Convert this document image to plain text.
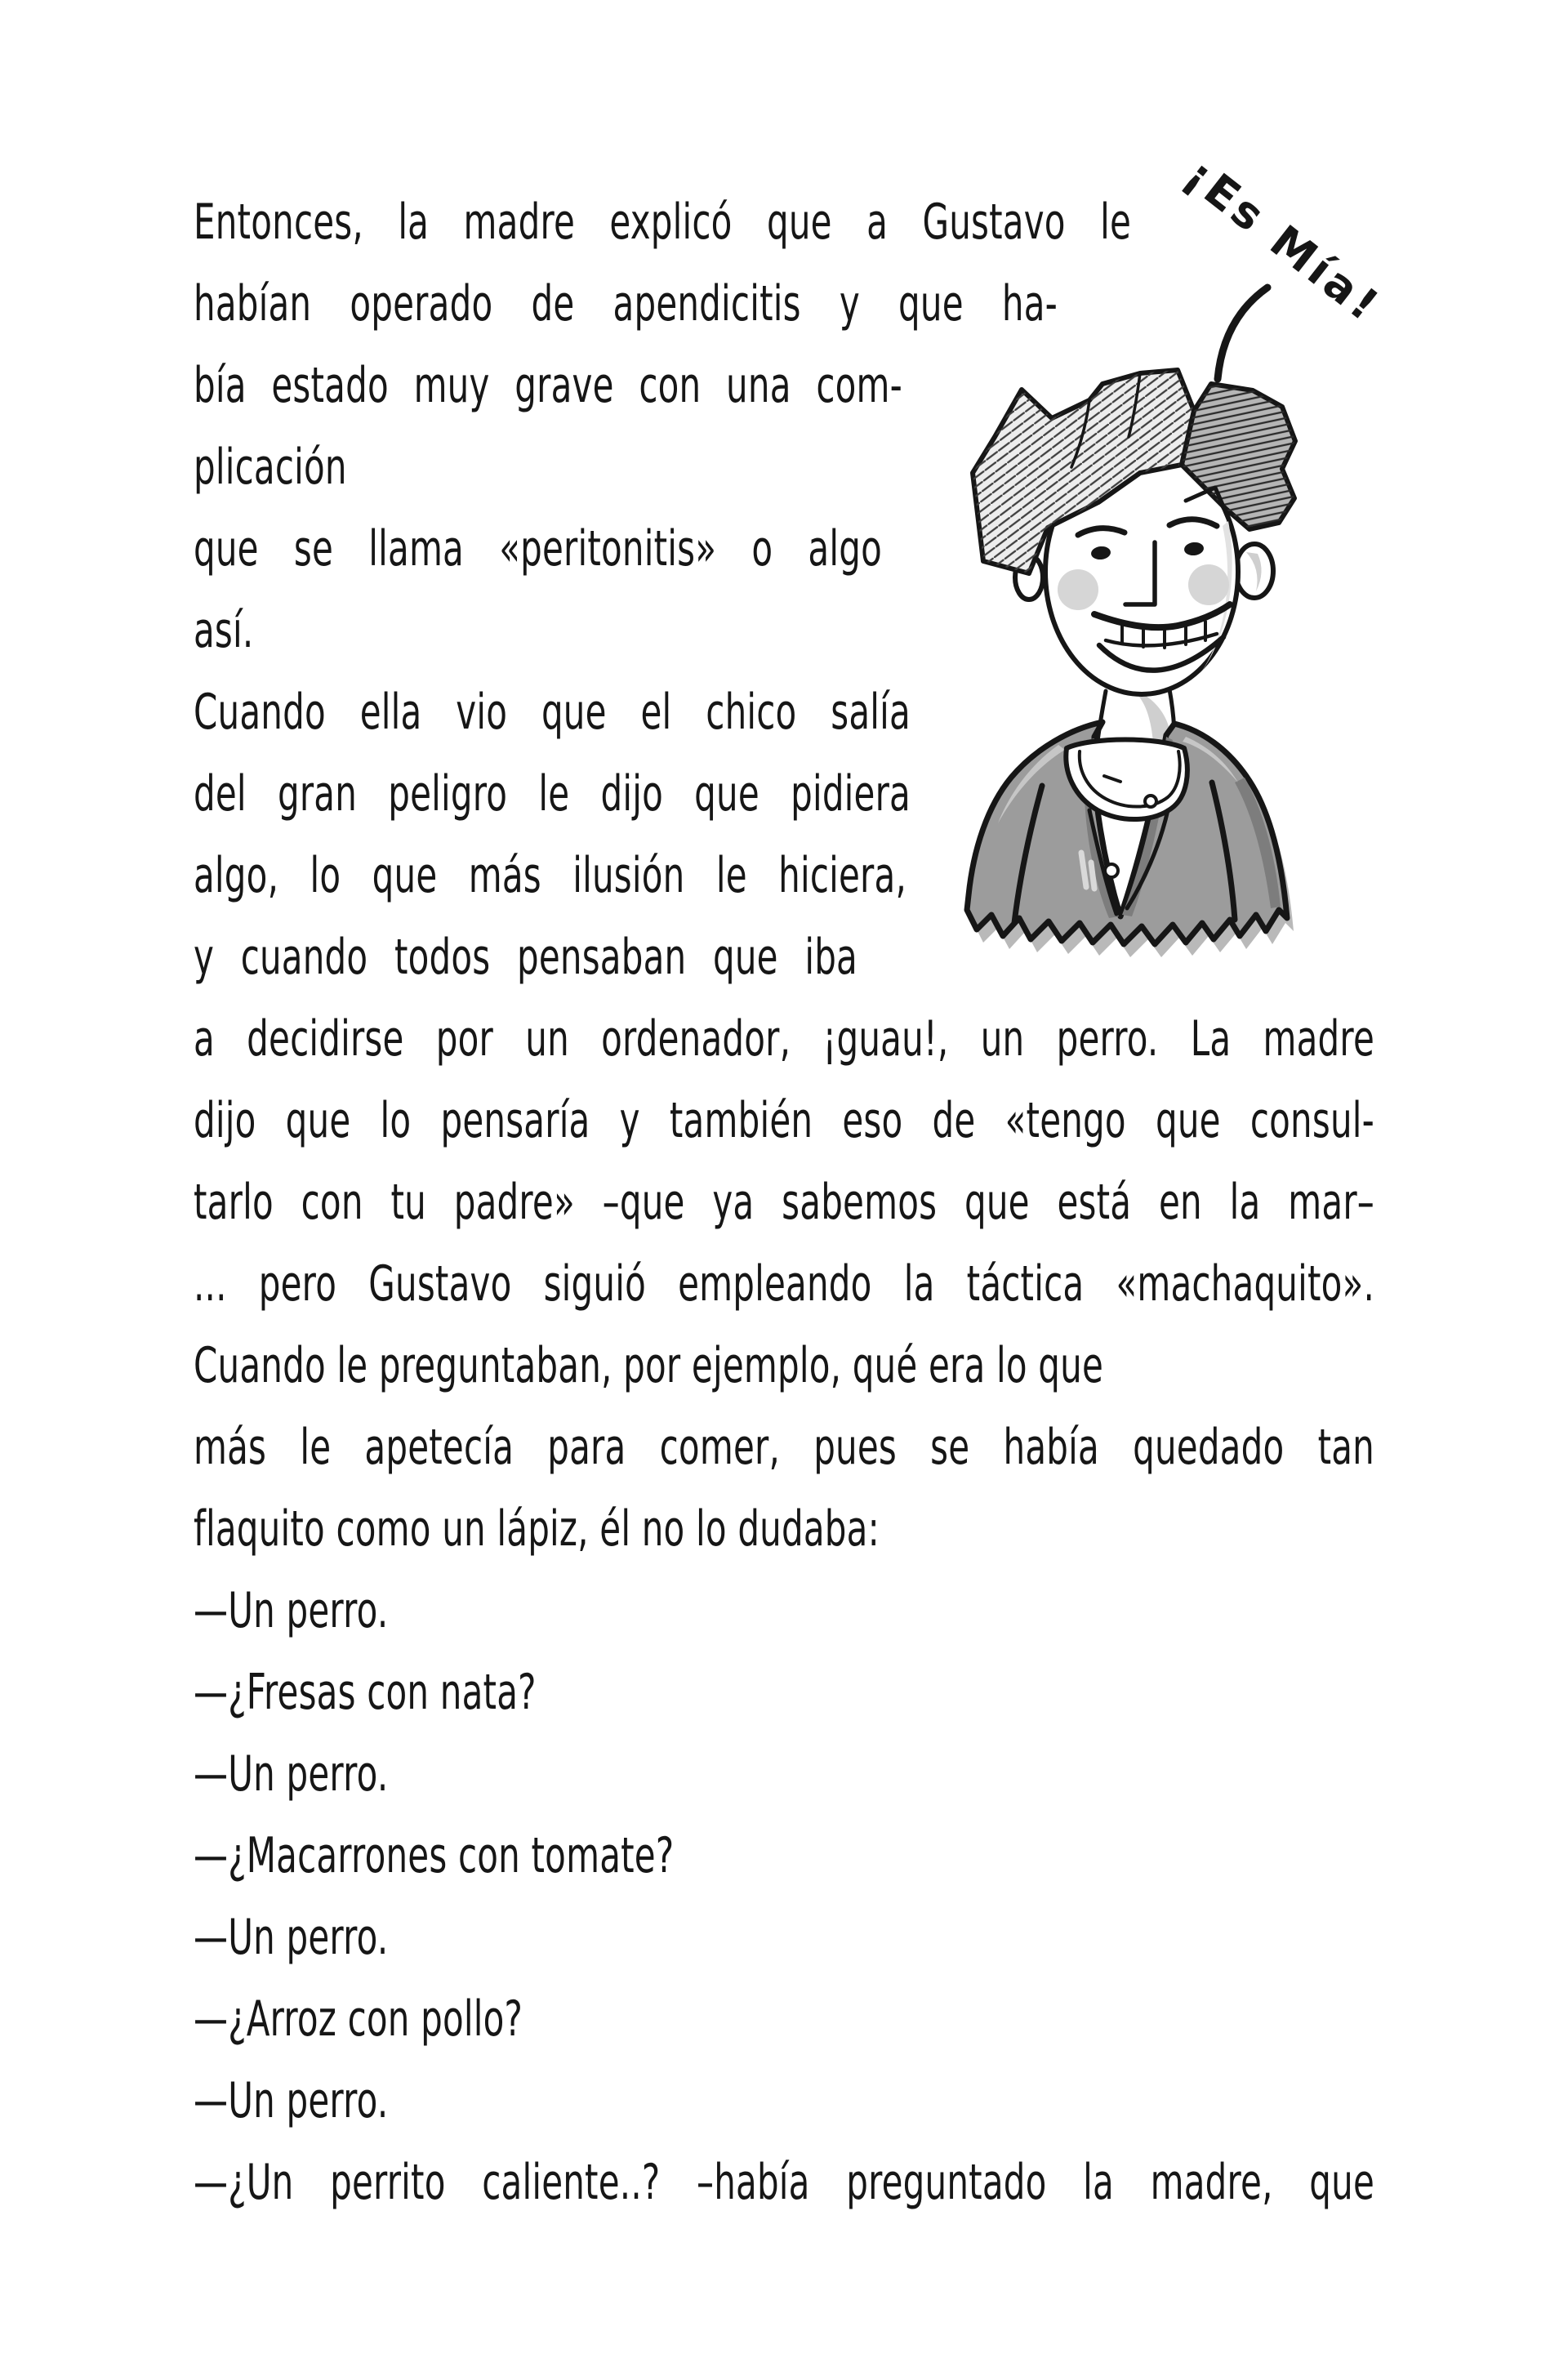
Entonces, la madre explicó que a Gustavo le
habían operado de apendicitis y que ha-
bía estado muy grave con una com-
plicación
que se llama «peritonitis» o algo
así.
Cuando ella vio que el chico salía
del gran peligro le dijo que pidiera
algo, lo que más ilusión le hiciera,
y cuando todos pensaban que iba
a decidirse por un ordenador, ¡guau!, un perro. La madre
dijo que lo pensaría y también eso de «tengo que consul-
tarlo con tu padre» –que ya sabemos que está en la mar–
... pero Gustavo siguió empleando la táctica «machaquito».
Cuando le preguntaban, por ejemplo, qué era lo que
más le apetecía para comer, pues se había quedado tan
flaquito como un lápiz, él no lo dudaba:
—Un perro.
—¿Fresas con nata?
—Un perro.
—¿Macarrones con tomate?
—Un perro.
—¿Arroz con pollo?
—Un perro.
—¿Un perrito caliente..? –había preguntado la madre, que
¡Es Mía!
